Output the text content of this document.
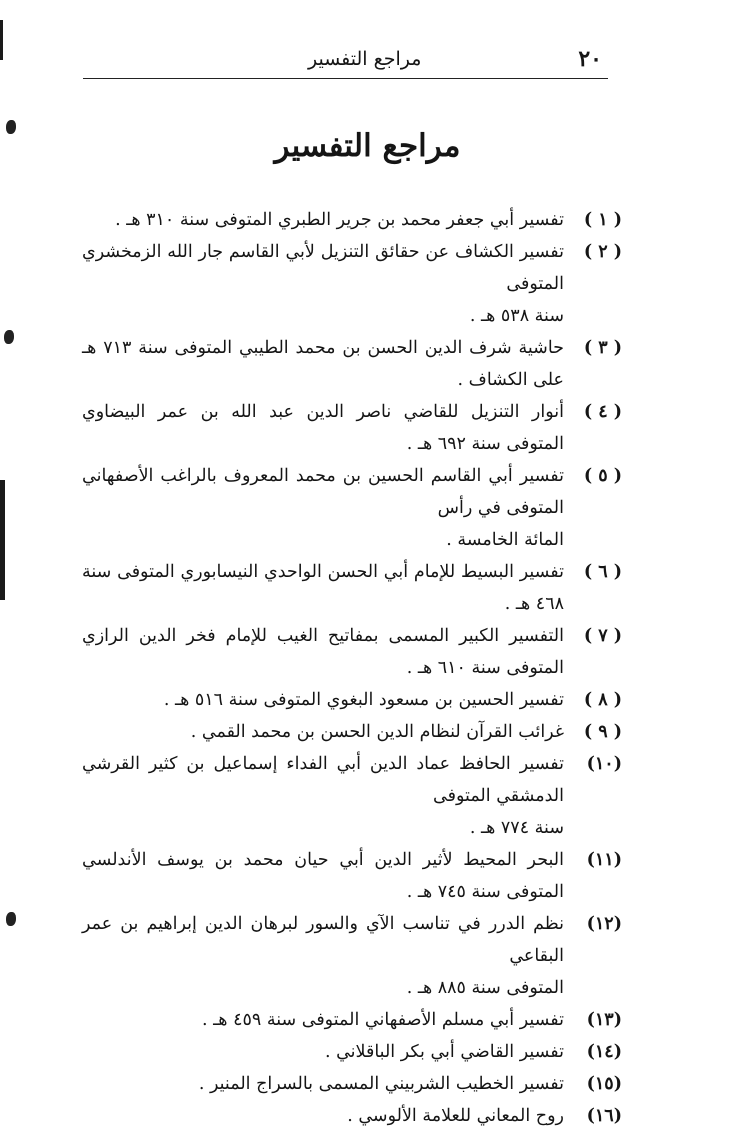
٢٠
مراجع التفسير
مراجع التفسير
( ١ )
تفسير أبي جعفر محمد بن جرير الطبري المتوفى سنة ٣١٠ هـ .
( ٢ )
تفسير الكشاف عن حقائق التنزيل لأبي القاسم جار الله الزمخشري المتوفى
سنة ٥٣٨ هـ .
( ٣ )
حاشية شرف الدين الحسن بن محمد الطيبي المتوفى سنة ٧١٣ هـ على الكشاف .
( ٤ )
أنوار التنزيل للقاضي ناصر الدين عبد الله بن عمر البيضاوي المتوفى سنة ٦٩٢ هـ .
( ٥ )
تفسير أبي القاسم الحسين بن محمد المعروف بالراغب الأصفهاني المتوفى في رأس
المائة الخامسة .
( ٦ )
تفسير البسيط للإمام أبي الحسن الواحدي النيسابوري المتوفى سنة ٤٦٨ هـ .
( ٧ )
التفسير الكبير المسمى بمفاتيح الغيب للإمام فخر الدين الرازي المتوفى سنة ٦١٠ هـ .
( ٨ )
تفسير الحسين بن مسعود البغوي المتوفى سنة ٥١٦ هـ .
( ٩ )
غرائب القرآن لنظام الدين الحسن بن محمد القمي .
(١٠)
تفسير الحافظ عماد الدين أبي الفداء إسماعيل بن كثير القرشي الدمشقي المتوفى
سنة ٧٧٤ هـ .
(١١)
البحر المحيط لأثير الدين أبي حيان محمد بن يوسف الأندلسي المتوفى سنة ٧٤٥ هـ .
(١٢)
نظم الدرر في تناسب الآي والسور لبرهان الدين إبراهيم بن عمر البقاعي
المتوفى سنة ٨٨٥ هـ .
(١٣)
تفسير أبي مسلم الأصفهاني المتوفى سنة ٤٥٩ هـ .
(١٤)
تفسير القاضي أبي بكر الباقلاني .
(١٥)
تفسير الخطيب الشربيني المسمى بالسراج المنير .
(١٦)
روح المعاني للعلامة الألوسي .
